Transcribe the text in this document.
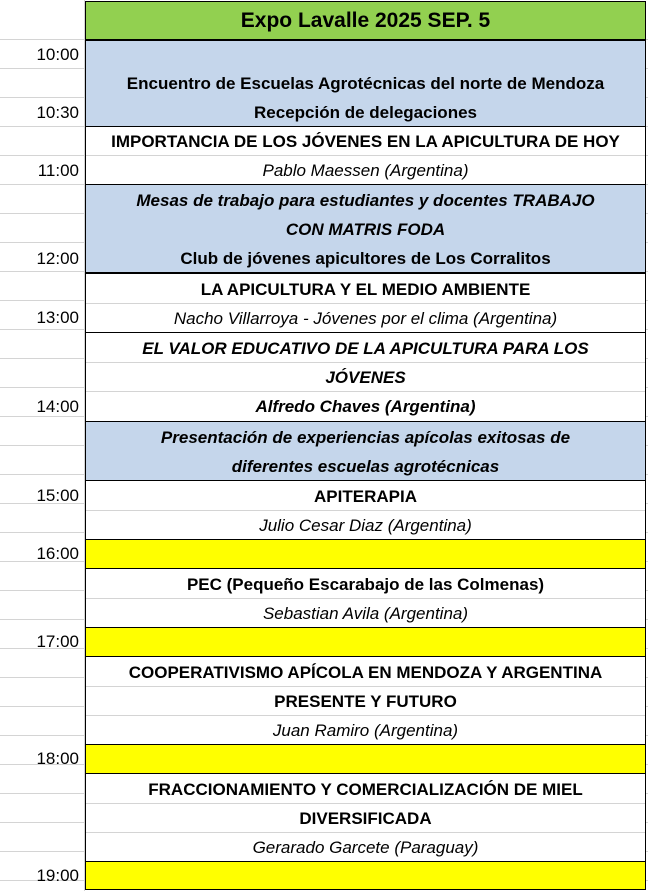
10:00
10:30
11:00
12:00
13:00
14:00
15:00
16:00
17:00
18:00
19:00
Expo Lavalle 2025 SEP. 5
Encuentro de Escuelas Agrotécnicas del norte de Mendoza
Recepción de delegaciones
IMPORTANCIA DE LOS JÓVENES EN LA APICULTURA DE HOY
Pablo Maessen (Argentina)
Mesas de trabajo para estudiantes y docentes TRABAJO
CON MATRIS FODA
Club de jóvenes apicultores de Los Corralitos
LA APICULTURA Y EL MEDIO AMBIENTE
Nacho Villarroya - Jóvenes por el clima (Argentina)
EL VALOR EDUCATIVO DE LA APICULTURA PARA LOS
JÓVENES
Alfredo Chaves (Argentina)
Presentación de experiencias apícolas exitosas de
diferentes escuelas agrotécnicas
APITERAPIA
Julio Cesar Diaz (Argentina)
PEC (Pequeño Escarabajo de las Colmenas)
Sebastian Avila (Argentina)
COOPERATIVISMO APÍCOLA EN MENDOZA Y ARGENTINA
PRESENTE Y FUTURO
Juan Ramiro (Argentina)
FRACCIONAMIENTO Y COMERCIALIZACIÓN DE MIEL
DIVERSIFICADA
Gerarado Garcete (Paraguay)
